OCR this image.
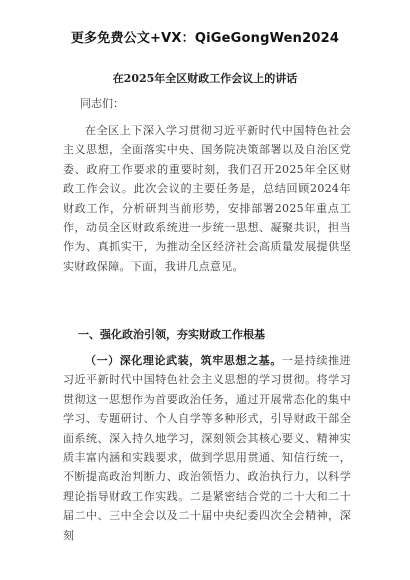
更多免费公文+VX：QiGeGongWen2024
在2025年全区财政工作会议上的讲话
同志们：
在全区上下深入学习贯彻习近平新时代中国特色社会主义思想，全面落实中央、国务院决策部署以及自治区党委、政府工作要求的重要时刻，我们召开2025年全区财政工作会议。此次会议的主要任务是，总结回顾2024年财政工作，分析研判当前形势，安排部署2025年重点工作，动员全区财政系统进一步统一思想、凝聚共识，担当作为、真抓实干，为推动全区经济社会高质量发展提供坚实财政保障。下面，我讲几点意见。
一、强化政治引领，夯实财政工作根基
（一）深化理论武装，筑牢思想之基。一是持续推进习近平新时代中国特色社会主义思想的学习贯彻。将学习贯彻这一思想作为首要政治任务，通过开展常态化的集中学习、专题研讨、个人自学等多种形式，引导财政干部全面系统、深入持久地学习，深刻领会其核心要义、精神实质丰富内涵和实践要求，做到学思用贯通、知信行统一，不断提高政治判断力、政治领悟力、政治执行力，以科学理论指导财政工作实践。二是紧密结合党的二十大和二十届二中、三中全会以及二十届中央纪委四次全会精神，深刻
